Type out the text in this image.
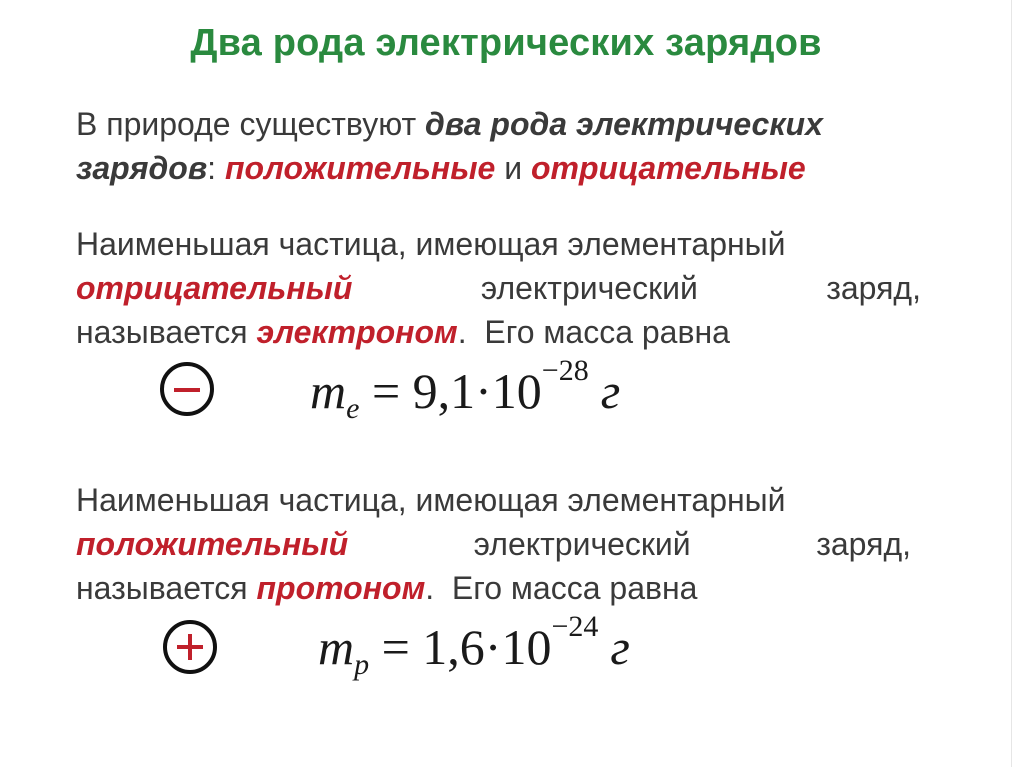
Два рода электрических зарядов
В природе существуют два рода электрических
зарядов: положительные и отрицательные
Наименьшая частица, имеющая элементарный
отрицательный	электрический	заряд,
называется электроном.  Его масса равна
$m_e = 9,1\cdot 10^{-28}$ г
Наименьшая частица, имеющая элементарный
положительный	электрический	заряд,
называется протоном.  Его масса равна
$m_p = 1,6\cdot 10^{-24}$ г
